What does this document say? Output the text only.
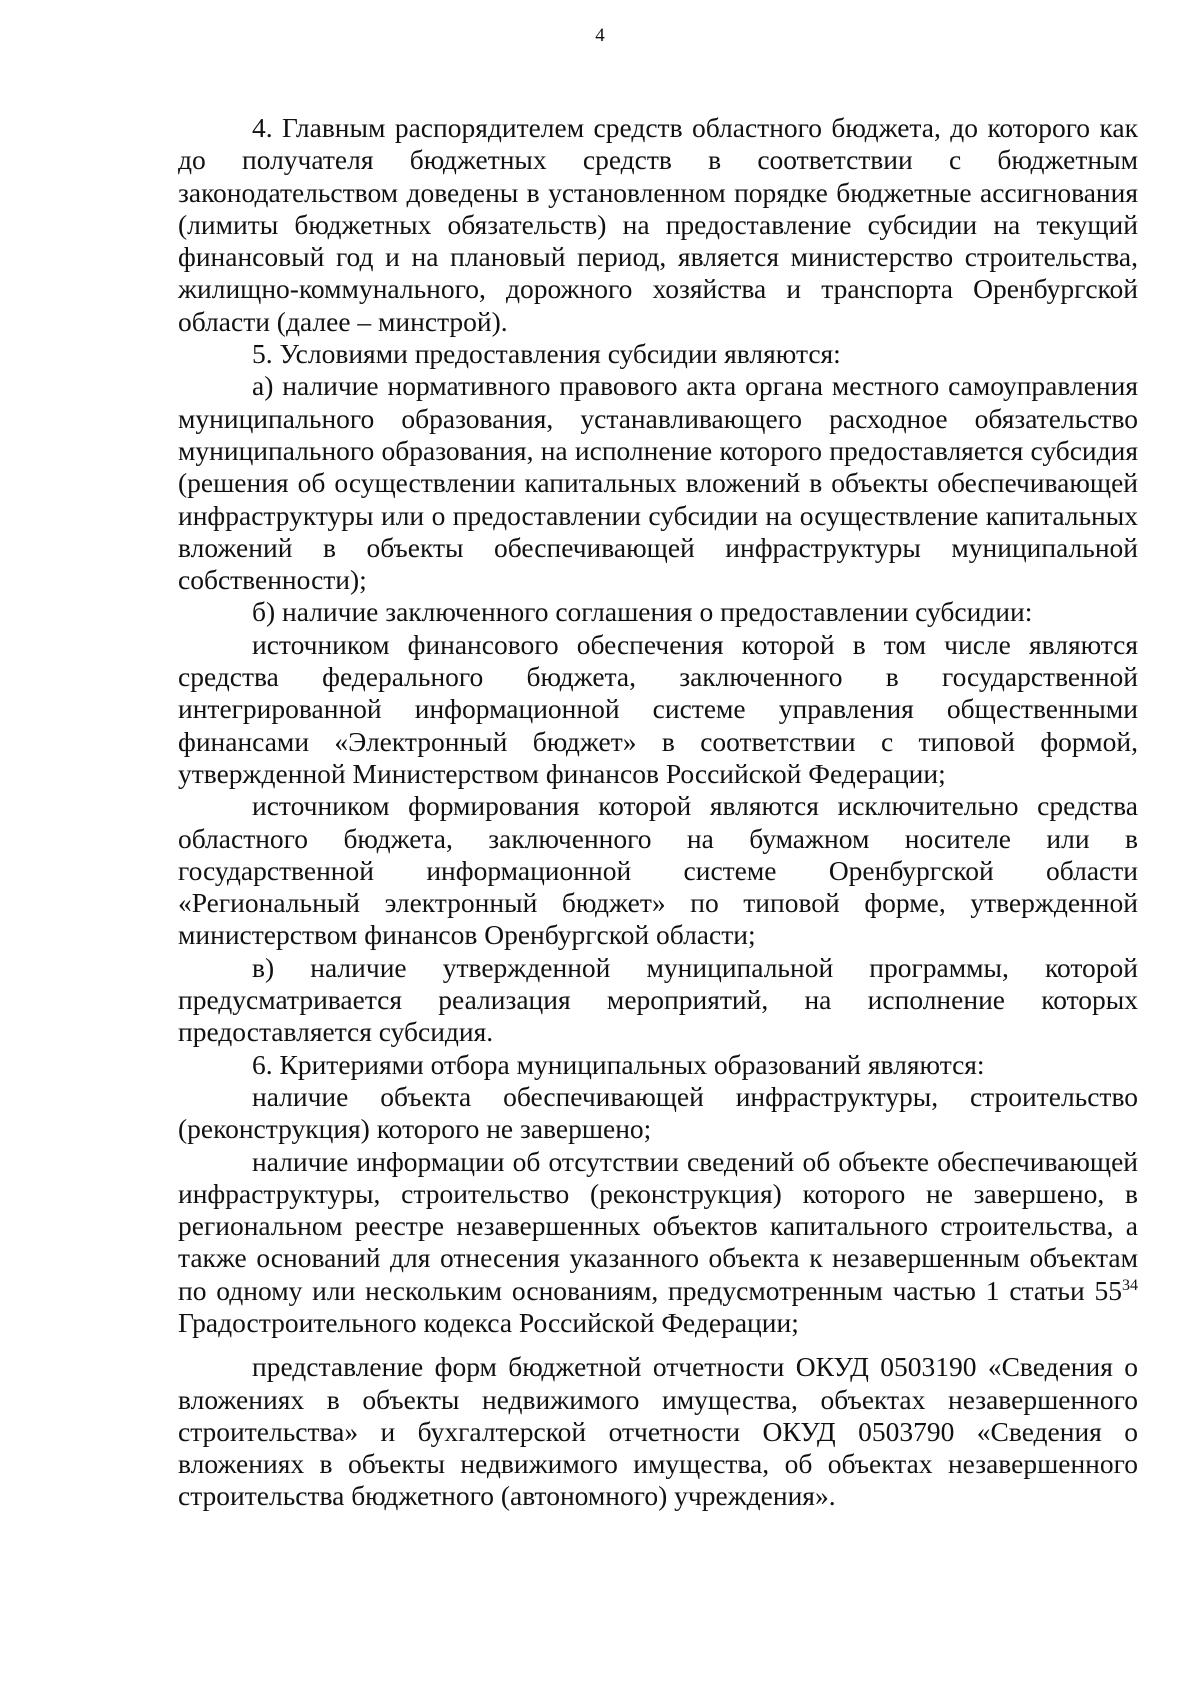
4

4. Главным распорядителем средств областного бюджета, до которого как до получателя бюджетных средств в соответствии с бюджетным законодательством доведены в установленном порядке бюджетные ассигнования (лимиты бюджетных обязательств) на предоставление субсидии на текущий финансовый год и на плановый период, является министерство строительства, жилищно-коммунального, дорожного хозяйства и транспорта Оренбургской области (далее – минстрой).

5. Условиями предоставления субсидии являются:

а) наличие нормативного правового акта органа местного самоуправления муниципального образования, устанавливающего расходное обязательство муниципального образования, на исполнение которого предоставляется субсидия (решения об осуществлении капитальных вложений в объекты обеспечивающей инфраструктуры или о предоставлении субсидии на осуществление капитальных вложений в объекты обеспечивающей инфраструктуры муниципальной собственности);

б) наличие заключенного соглашения о предоставлении субсидии:

источником финансового обеспечения которой в том числе являются средства федерального бюджета, заключенного в государственной интегрированной информационной системе управления общественными финансами «Электронный бюджет» в соответствии с типовой формой, утвержденной Министерством финансов Российской Федерации;

источником формирования которой являются исключительно средства областного бюджета, заключенного на бумажном носителе или в государственной информационной системе Оренбургской области «Региональный электронный бюджет» по типовой форме, утвержденной министерством финансов Оренбургской области;

в) наличие утвержденной муниципальной программы, которой предусматривается реализация мероприятий, на исполнение которых предоставляется субсидия.

6. Критериями отбора муниципальных образований являются:

наличие объекта обеспечивающей инфраструктуры, строительство (реконструкция) которого не завершено;

наличие информации об отсутствии сведений об объекте обеспечивающей инфраструктуры, строительство (реконструкция) которого не завершено, в региональном реестре незавершенных объектов капитального строительства, а также оснований для отнесения указанного объекта к незавершенным объектам по одному или нескольким основаниям, предусмотренным частью 1 статьи $55^{34}$ Градостроительного кодекса Российской Федерации;

представление форм бюджетной отчетности ОКУД 0503190 «Сведения о вложениях в объекты недвижимого имущества, объектах незавершенного строительства» и бухгалтерской отчетности ОКУД 0503790 «Сведения о вложениях в объекты недвижимого имущества, об объектах незавершенного строительства бюджетного (автономного) учреждения».
